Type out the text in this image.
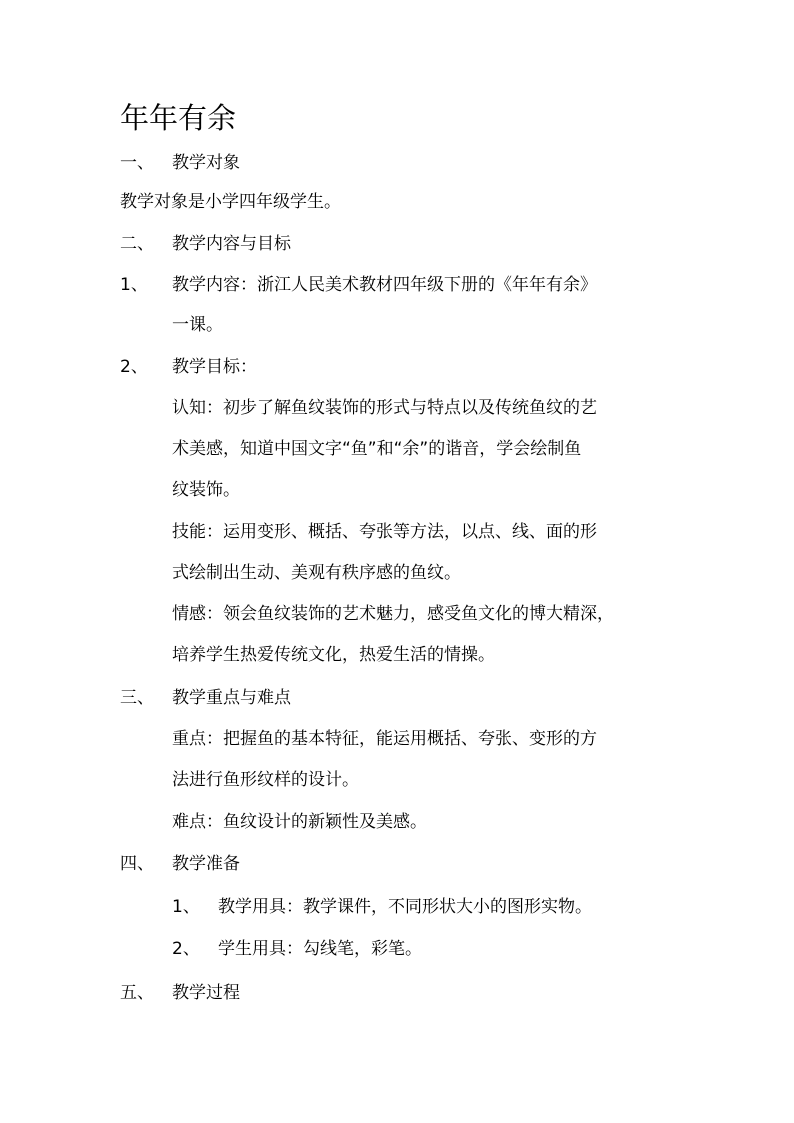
年年有余
一、 教学对象
教学对象是小学四年级学生。
二、 教学内容与目标
1、 教学内容：浙江人民美术教材四年级下册的《年年有余》
一课。
2、 教学目标：
认知：初步了解鱼纹装饰的形式与特点以及传统鱼纹的艺
术美感，知道中国文字“鱼”和“余”的谐音，学会绘制鱼
纹装饰。
技能：运用变形、概括、夸张等方法，以点、线、面的形
式绘制出生动、美观有秩序感的鱼纹。
情感：领会鱼纹装饰的艺术魅力，感受鱼文化的博大精深，
培养学生热爱传统文化，热爱生活的情操。
三、 教学重点与难点
重点：把握鱼的基本特征，能运用概括、夸张、变形的方
法进行鱼形纹样的设计。
难点：鱼纹设计的新颖性及美感。
四、 教学准备
1、 教学用具：教学课件，不同形状大小的图形实物。
2、 学生用具：勾线笔，彩笔。
五、 教学过程
